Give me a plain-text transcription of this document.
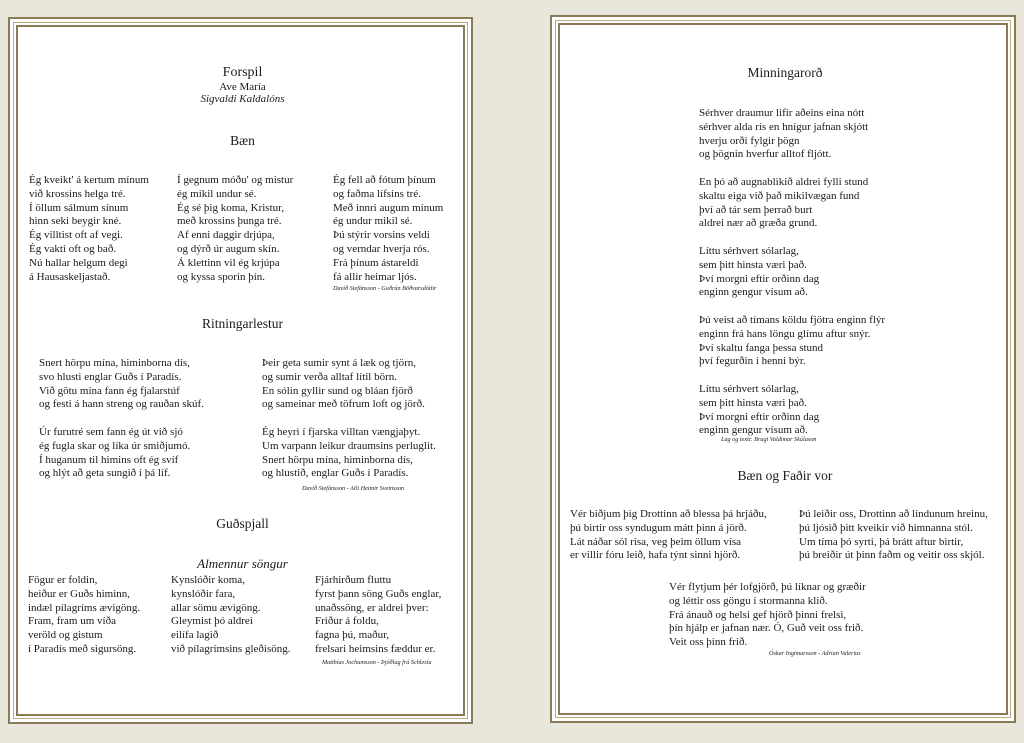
Forspil
Ave María
Sigvaldi Kaldalóns
Bæn
Ég kveikt' á kertum mínum
við krossins helga tré.
Í öllum sálmum sínum
hinn seki beygir kné.
Ég villtist oft af vegi.
Ég vakti oft og bað.
Nú hallar helgum degi
á Hausaskeljastað.
Í gegnum móðu' og mistur
ég mikil undur sé.
Ég sé þig koma, Kristur,
með krossins þunga tré.
Af enni daggir drjúpa,
og dýrð úr augum skín.
Á klettinn vil ég krjúpa
og kyssa sporin þín.
Ég fell að fótum þínum
og faðma lífsins tré.
Með innri augum mínum
ég undur mikil sé.
Þú stýrir vorsins veldi
og verndar hverja rós.
Frá þínum ástareldi
fá allir heimar ljós.
Davíð Stefánsson - Guðrún Böðvarsdóttir
Ritningarlestur
Snert hörpu mína, himinborna dís,
svo hlusti englar Guðs í Paradís.
Við götu mína fann ég fjalarstúf
og festi á hann streng og rauðan skúf.

Úr furutré sem fann ég út við sjó
ég fugla skar og líka úr smiðjumó.
Í huganum til himins oft ég svíf
og hlýt að geta sungið í þá líf.
Þeir geta sumir synt á læk og tjörn,
og sumir verða alltaf lítil börn.
En sólin gyllir sund og bláan fjörð
og sameinar með töfrum loft og jörð.

Ég heyri í fjarska villtan vængjaþyt.
Um varpann leikur draumsins perluglit.
Snert hörpu mína, himinborna dís,
og hlustið, englar Guðs í Paradís.
Davíð Stefánsson - Atli Heimir Sveinsson
Guðspjall
Almennur söngur
Fögur er foldin,
heiður er Guðs himinn,
indæl pílagríms ævigöng.
Fram, fram um víða
veröld og gistum
í Paradís með sigursöng.
Kynslóðir koma,
kynslóðir fara,
allar sömu ævigöng.
Gleymist þó aldrei
eilífa lagið
við pílagrímsins gleðisöng.
Fjárhirðum fluttu
fyrst þann söng Guðs englar,
unaðssöng, er aldrei þver:
Friður á foldu,
fagna þú, maður,
frelsari heimsins fæddur er.
Matthías Jochumsson - Þjóðlag frá Schlesíu
Minningarorð
Sérhver draumur lifir aðeins eina nótt
sérhver alda rís en hnígur jafnan skjótt
hverju orði fylgir þögn
og þögnin hverfur alltof fljótt.

En þó að augnablikið aldrei fylli stund
skaltu eiga við það mikilvægan fund
því að tár sem þerrað burt
aldrei nær að græða grund.

Líttu sérhvert sólarlag,
sem þitt hinsta væri það.
Því morgni eftir orðinn dag
enginn gengur vísum að.

Þú veist að tímans köldu fjötra enginn flýr
enginn frá hans löngu glímu aftur snýr.
Því skaltu fanga þessa stund
því fegurðin í henni býr.

Líttu sérhvert sólarlag,
sem þitt hinsta væri það.
Því morgni eftir orðinn dag
enginn gengur vísum að.
Lag og texti: Bragi Valdimar Skúlason
Bæn og Faðir vor
Vér biðjum þig Drottinn að blessa þá hrjáðu,
þú birtir oss syndugum mátt þinn á jörð.
Lát náðar sól rísa, veg þeim öllum vísa
er villir fóru leið, hafa týnt sinni hjörð.
Þú leiðir oss, Drottinn að lindunum hreinu,
þú ljósið þitt kveikir við himnanna stól.
Um tíma þó syrti, þá brátt aftur birtir,
þú breiðir út þinn faðm og veitir oss skjól.
Vér flytjum þér lofgjörð, þú líknar og græðir
og léttir oss göngu í stormanna klið.
Frá ánauð og helsi gef hjörð þinni frelsi,
þín hjálp er jafnan nær. Ó, Guð veit oss frið.
Veit oss þinn frið.
Óskar Ingimarsson - Adrian Valerius
